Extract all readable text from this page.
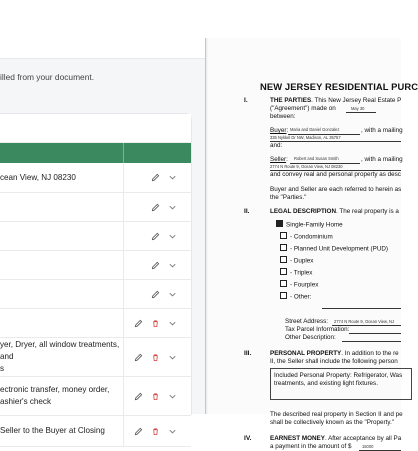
illed from your document.
cean View, NJ 08230
yer, Dryer, all window treatments, and
s
ectronic transfer, money order,
ashier's check
Seller to the Buyer at Closing
NEW JERSEY RESIDENTIAL PURC
I.	THE PARTIES. This New Jersey Real Estate P
("Agreement") made on	May 30
between:
Buyer: Maria and Daniel Gonzalez	, with a mailing
335 Nykkel Dr NW, Madison, AL 35757
and:
Seller: Robert and Susan Smith	, with a mailing
2774 N Route 9, Ocean View, NJ 08230
and convey real and personal property as desc
Buyer and Seller are each referred to herein as
the "Parties."
II.	LEGAL DESCRIPTION. The real property is a
Single-Family Home
- Condominium
- Planned Unit Development (PUD)
- Duplex
- Triplex
- Fourplex
- Other:
Street Address: 2774 N Route 9, Ocean View, NJ
Tax Parcel Information:
Other Description:
III.	PERSONAL PROPERTY. In addition to the re
II, the Seller shall include the following person
Included Personal Property: Refrigerator, Was
treatments, and existing light fixtures.
The described real property in Section II and pe
shall be collectively known as the "Property."
IV.	EARNEST MONEY. After acceptance by all Pa
a payment in the amount of $	15000
